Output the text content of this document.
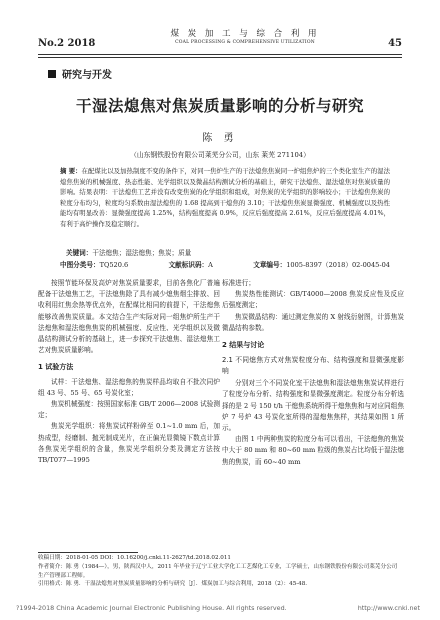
No.2 2018
煤 炭 加 工 与 综 合 利 用
COAL PROCESSING & COMPREHENSIVE UTILIZATION	45
研究与开发
干湿法熄焦对焦炭质量影响的分析与研究
陈 勇
（山东钢铁股份有限公司莱芜分公司，山东 莱芜 271104）
摘 要：在配煤比以及加热制度不变的条件下，对同一焦炉生产的干法熄焦焦炭同一炉组焦炉的三个类化室生产的湿法熄焦焦炭的机械强度、热态性能、光学组织以及微晶结构测试分析的基础上，研究干法熄焦、湿法熄焦对焦炭质量的影响。结果表明：干法熄焦工艺并没有改变焦炭的化学组织和组成，对焦炭的光学组织的影响较小；干法熄焦焦炭的粒度分布均匀，粒度均匀系数由湿法熄焦的 1.68 提高到干熄焦的 3.10；干法熄焦焦炭显微强度、机械强度以及热性能均有明显改善：显微强度提高 1.25%，结构强度提高 0.9%，反应后强度提高 2.61%，反应后强度提高 4.01%，有利于高炉操作及稳定顺行。
关键词：干法熄焦；湿法熄焦；焦炭；质量
中图分类号：TQ520.6	文献标识码：A	文章编号：1005-8397（2018）02-0045-04

按照节能环保及高炉对焦炭质量要求，目前各焦化厂普遍配备干法熄焦工艺，干法熄焦除了具有减少熄焦烟尘排放、回收利用红焦余热等优点外，在配煤比相同的前提下，干法熄焦能够改善焦炭质量。本文结合生产实际对同一组焦炉所生产干法熄焦和湿法熄焦焦炭的机械强度、反应性、光学组织以及微晶结构测试分析的基础上，进一步探究干法熄焦、湿法熄焦工艺对焦炭质量影响。

1 试验方法

试样：干法熄焦、湿法熄焦的焦炭样品均取自不批次同炉组 43 号、55 号、65 号炭化室；

焦炭机械强度：按照国家标准 GB/T 2006—2008 试验测定；

焦炭光学组织：将焦炭试样粉碎至 0.1~1.0 mm 后，加热成型，经磨制、抛光制成光片，在正偏光显微镜下数点计算各焦炭光学组织的含量，焦炭光学组织分类及测定方法按 TB/T077—1995

标准进行；

焦炭热性能测试：GB/T4000—2008 焦炭反应性及反应后强度测定；

焦炭微晶结构：通过测定焦炭的 X 射线衍射图，计算焦炭微晶结构参数。

2 结果与讨论
2.1 不同熄焦方式对焦炭粒度分布、结构强度和显微强度影响

分别对三个不同炭化室干法熄焦和湿法熄焦焦炭试样进行了粒度分布分析、结构强度和显微强度测定。粒度分布分析选择的是 2 号 150 t/h 干熄焦系统所得干熄焦焦和与对应同组焦炉 7 号炉 43 号炭化室所得的湿熄焦焦样，其结果如图 1 所示。

由图 1 中两种焦炭的粒度分布可以看出，干法熄焦的焦炭中大于 80 mm 和 80~60 mm 粒级的焦炭占比均低于湿法熄焦的焦炭，而 60~40 mm

收稿日期：2018-01-05 DOI：10.16200/j.cnki.11-2627/td.2018.02.011
作者简介：陈 勇（1984—），男，陕西汉中人，2011 年毕业于辽宁工业大学化工工艺煤化工专业，工学硕士，山东钢铁股份有限公司莱芜分公司生产管理部工程师。
引用格式：陈 勇．干湿法熄焦对焦炭质量影响的分析与研究［J］．煤炭加工与综合利用，2018（2）：45-48.
?1994-2018 China Academic Journal Electronic Publishing House. All rights reserved.	http://www.cnki.net
